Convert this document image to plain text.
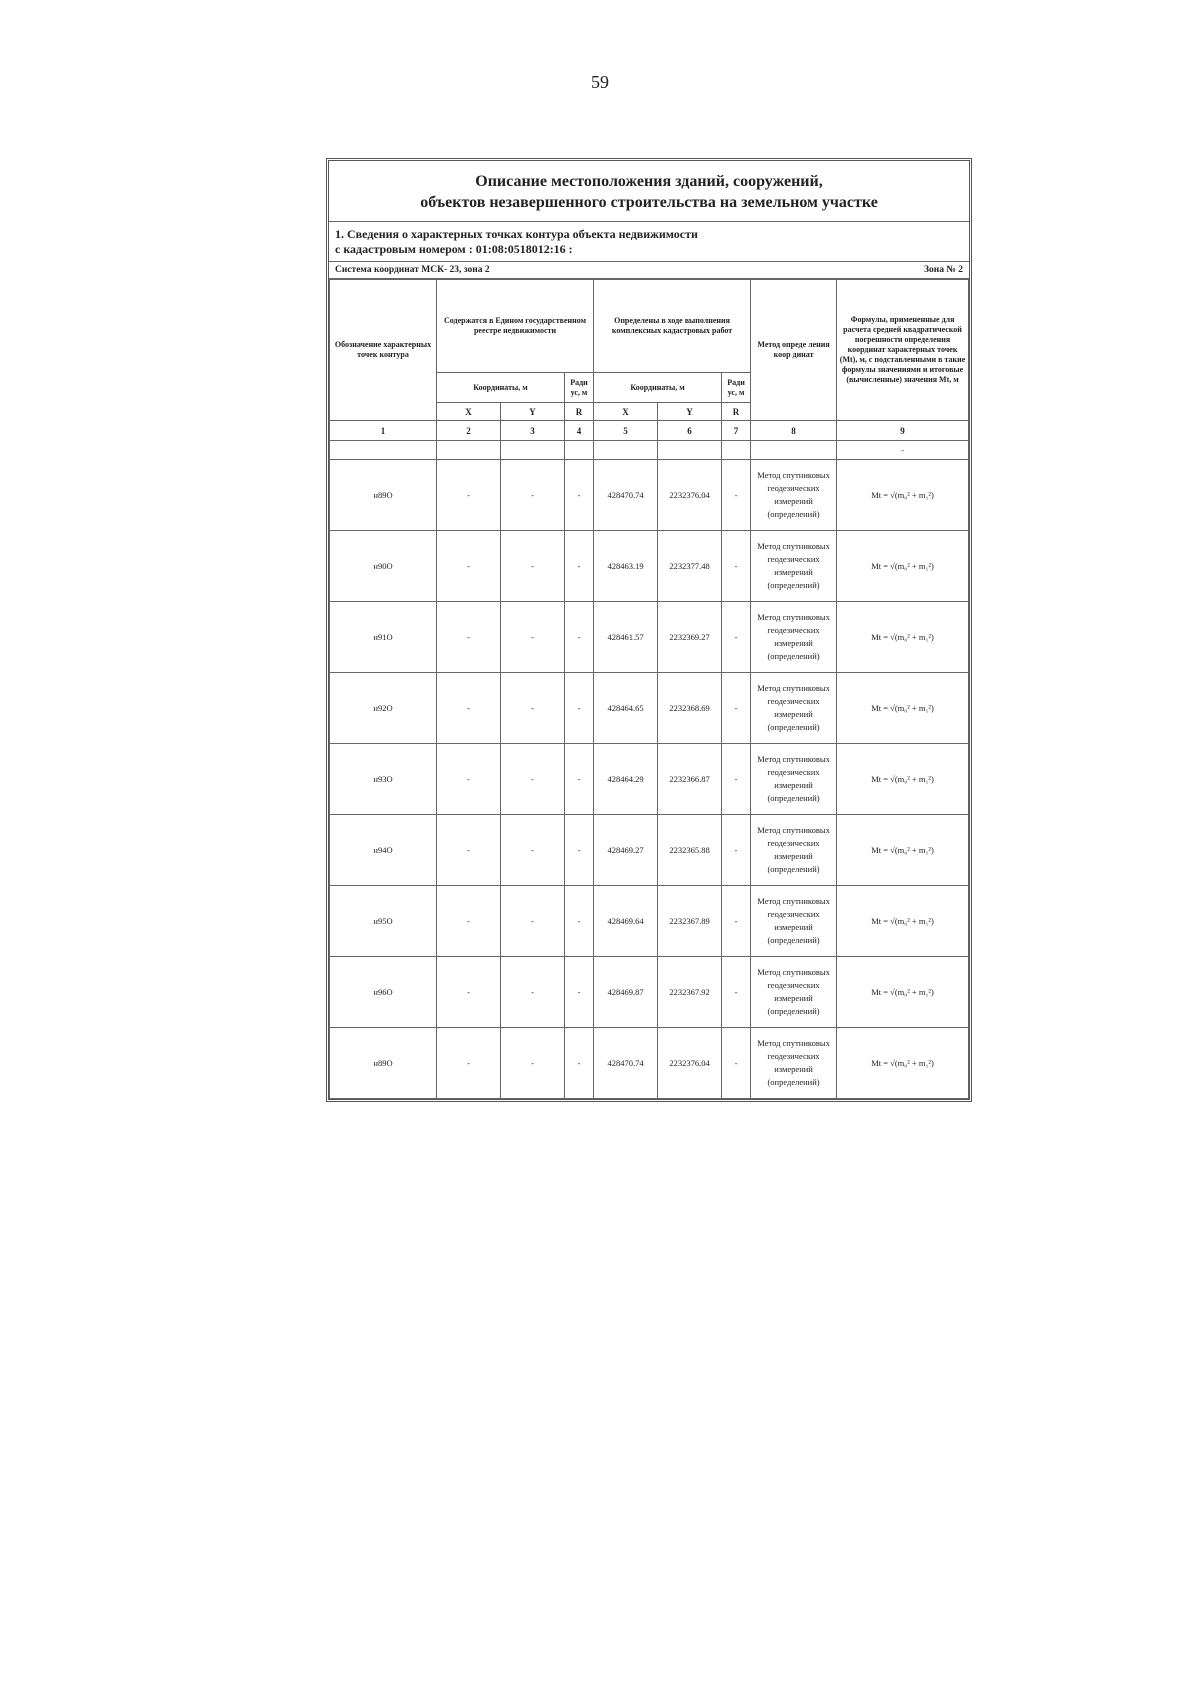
59
Описание местоположения зданий, сооружений,
объектов незавершенного строительства на земельном участке
1. Сведения о характерных точках контура объекта недвижимости
с кадастровым номером : 01:08:0518012:16 :
Система координат МСК- 23, зона 2	Зона № 2
Обозначение характерных точек контура	Содержатся в Едином государственном реестре недвижимости			Определены в ходе выполнения комплексных кадастровых работ			Метод опреде ления коор динат	Формулы, примененные для расчета средней квадратической погрешности определения координат характерных точек (Мt), м, с подставленными в такие формулы значениями и итоговые (вычисленные) значения Мt, м
	Координаты, м		Ради ус, м	Координаты, м		Ради ус, м		
	X	Y	R	X	Y	R		
1	2	3	4	5	6	7	8	9
								-
н89О	-	-	-	428470.74	2232376.04	-	Метод спутниковых геодезических измерений (определений)	Мt = √(m₀² + m₁²)
н90О	-	-	-	428463.19	2232377.48	-	Метод спутниковых геодезических измерений (определений)	Мt = √(m₀² + m₁²)
н91О	-	-	-	428461.57	2232369.27	-	Метод спутниковых геодезических измерений (определений)	Мt = √(m₀² + m₁²)
н92О	-	-	-	428464.65	2232368.69	-	Метод спутниковых геодезических измерений (определений)	Мt = √(m₀² + m₁²)
н93О	-	-	-	428464.29	2232366.87	-	Метод спутниковых геодезических измерений (определений)	Мt = √(m₀² + m₁²)
н94О	-	-	-	428469.27	2232365.88	-	Метод спутниковых геодезических измерений (определений)	Мt = √(m₀² + m₁²)
н95О	-	-	-	428469.64	2232367.89	-	Метод спутниковых геодезических измерений (определений)	Мt = √(m₀² + m₁²)
н96О	-	-	-	428469.87	2232367.92	-	Метод спутниковых геодезических измерений (определений)	Мt = √(m₀² + m₁²)
н89О	-	-	-	428470.74	2232376.04	-	Метод спутниковых геодезических измерений (определений)	Мt = √(m₀² + m₁²)
